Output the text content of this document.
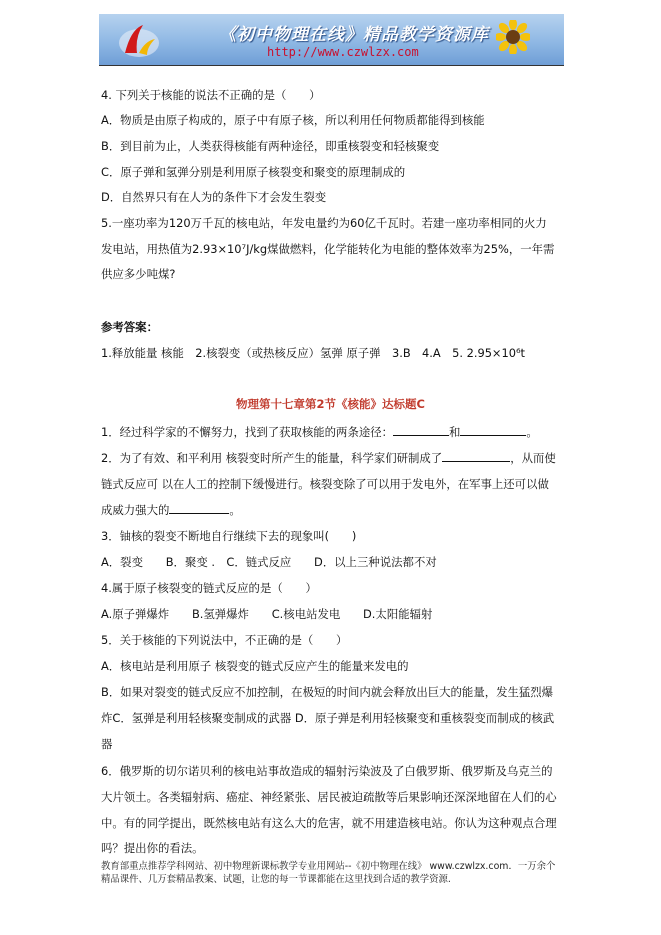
《初中物理在线》精品教学资源库
http://www.czwlzx.com
4. 下列关于核能的说法不正确的是（　　）
A．物质是由原子构成的，原子中有原子核，所以利用任何物质都能得到核能
B．到目前为止，人类获得核能有两种途径，即重核裂变和轻核聚变
C．原子弹和氢弹分别是利用原子核裂变和聚变的原理制成的
D．自然界只有在人为的条件下才会发生裂变
5.一座功率为120万千瓦的核电站，年发电量约为60亿千瓦时。若建一座功率相同的火力
发电站，用热值为2.93×10⁷J/kg煤做燃料，化学能转化为电能的整体效率为25%，一年需
供应多少吨煤?
参考答案：
1.释放能量 核能　2.核裂变（或热核反应）氢弹 原子弹　3.B　4.A　5. 2.95×10⁶t
物理第十七章第2节《核能》达标题C
1．经过科学家的不懈努力，找到了获取核能的两条途径：	和	。
2．为了有效、和平利用 核裂变时所产生的能量，科学家们研制成了	，从而使
链式反应可 以在人工的控制下缓慢进行。核裂变除了可以用于发电外，在军事上还可以做
成威力强大的	。
3．铀核的裂变不断地自行继续下去的现象叫(　　)
A．裂变　　B．聚变 .　C．链式反应　　D．以上三种说法都不对
4.属于原子核裂变的链式反应的是（　　）
A.原子弹爆炸　　B.氢弹爆炸　　C.核电站发电　　D.太阳能辐射
5．关于核能的下列说法中，不正确的是（　　）
A．核电站是利用原子 核裂变的链式反应产生的能量来发电的
B．如果对裂变的链式反应不加控制，在极短的时间内就会释放出巨大的能量，发生猛烈爆
炸C．氢弹是利用轻核聚变制成的武器 D．原子弹是利用轻核聚变和重核裂变而制成的核武
器
6．俄罗斯的切尔诺贝利的核电站事故造成的辐射污染波及了白俄罗斯、俄罗斯及乌克兰的
大片领土。各类辐射病、癌症、神经紧张、居民被迫疏散等后果影响还深深地留在人们的心
中。有的同学提出，既然核电站有这么大的危害，就不用建造核电站。你认为这种观点合理
吗？提出你的看法。
教育部重点推荐学科网站、初中物理新课标教学专业用网站--《初中物理在线》 www.czwlzx.com．一万余个精品课件、几万套精品教案、试题，让您的每一节课都能在这里找到合适的教学资源.
